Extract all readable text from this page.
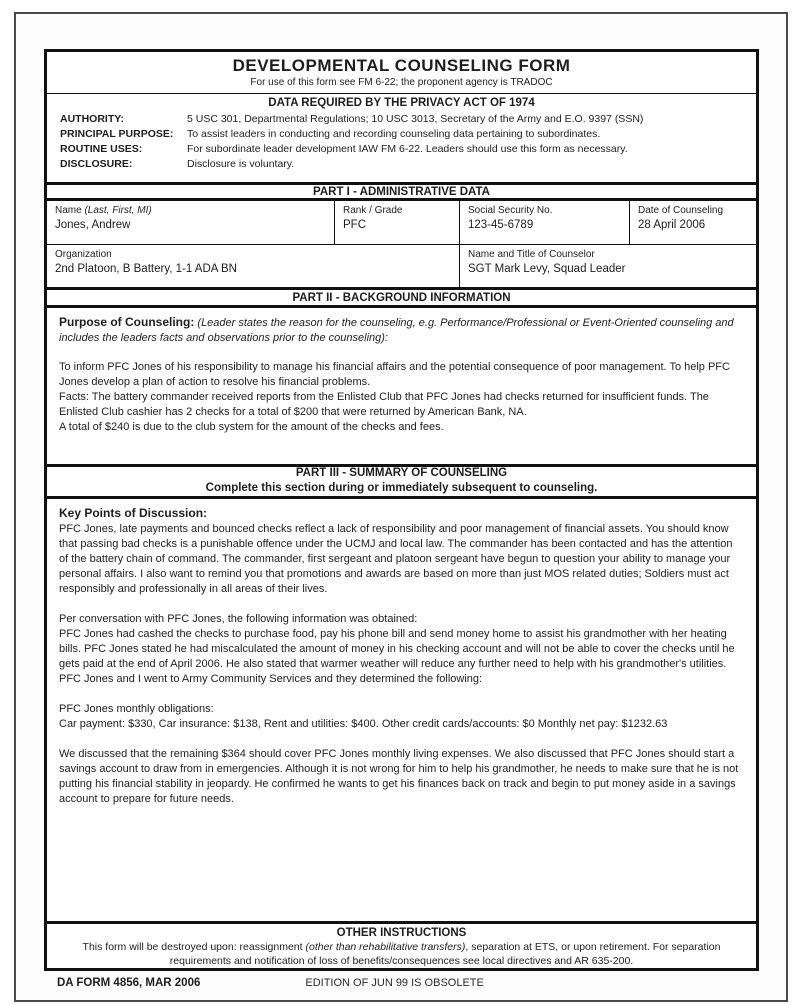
DEVELOPMENTAL COUNSELING FORM
For use of this form see FM 6-22; the proponent agency is TRADOC
DATA REQUIRED BY THE PRIVACY ACT OF 1974
AUTHORITY:	5 USC 301, Departmental Regulations; 10 USC 3013, Secretary of the Army and E.O. 9397 (SSN)
PRINCIPAL PURPOSE:	To assist leaders in conducting and recording counseling data pertaining to subordinates.
ROUTINE USES:	For subordinate leader development IAW FM 6-22. Leaders should use this form as necessary.
DISCLOSURE:	Disclosure is voluntary.
PART I - ADMINISTRATIVE DATA
Name (Last, First, MI)
Jones, Andrew
Rank / Grade
PFC
Social Security No.
123-45-6789
Date of Counseling
28 April 2006
Organization
2nd Platoon, B Battery, 1-1 ADA BN
Name and Title of Counselor
SGT Mark Levy, Squad Leader
PART II - BACKGROUND INFORMATION
Purpose of Counseling: (Leader states the reason for the counseling, e.g. Performance/Professional or Event-Oriented counseling and includes the leaders facts and observations prior to the counseling):
To inform PFC Jones of his responsibility to manage his financial affairs and the potential consequence of poor management. To help PFC Jones develop a plan of action to resolve his financial problems.
Facts: The battery commander received reports from the Enlisted Club that PFC Jones had checks returned for insufficient funds. The Enlisted Club cashier has 2 checks for a total of $200 that were returned by American Bank, NA.
A total of $240 is due to the club system for the amount of the checks and fees.
PART III - SUMMARY OF COUNSELING
Complete this section during or immediately subsequent to counseling.
Key Points of Discussion:
PFC Jones, late payments and bounced checks reflect a lack of responsibility and poor management of financial assets. You should know that passing bad checks is a punishable offence under the UCMJ and local law. The commander has been contacted and has the attention of the battery chain of command. The commander, first sergeant and platoon sergeant have begun to question your ability to manage your personal affairs. I also want to remind you that promotions and awards are based on more than just MOS related duties; Soldiers must act responsibly and professionally in all areas of their lives.
Per conversation with PFC Jones, the following information was obtained:
PFC Jones had cashed the checks to purchase food, pay his phone bill and send money home to assist his grandmother with her heating bills. PFC Jones stated he had miscalculated the amount of money in his checking account and will not be able to cover the checks until he gets paid at the end of April 2006. He also stated that warmer weather will reduce any further need to help with his grandmother's utilities. PFC Jones and I went to Army Community Services and they determined the following:
PFC Jones monthly obligations:
Car payment: $330, Car insurance: $138, Rent and utilities: $400. Other credit cards/accounts: $0 Monthly net pay: $1232.63
We discussed that the remaining $364 should cover PFC Jones monthly living expenses. We also discussed that PFC Jones should start a savings account to draw from in emergencies. Although it is not wrong for him to help his grandmother, he needs to make sure that he is not putting his financial stability in jeopardy. He confirmed he wants to get his finances back on track and begin to put money aside in a savings account to prepare for future needs.
OTHER INSTRUCTIONS
This form will be destroyed upon: reassignment (other than rehabilitative transfers), separation at ETS, or upon retirement. For separation requirements and notification of loss of benefits/consequences see local directives and AR 635-200.
DA FORM 4856, MAR 2006	EDITION OF JUN 99 IS OBSOLETE
